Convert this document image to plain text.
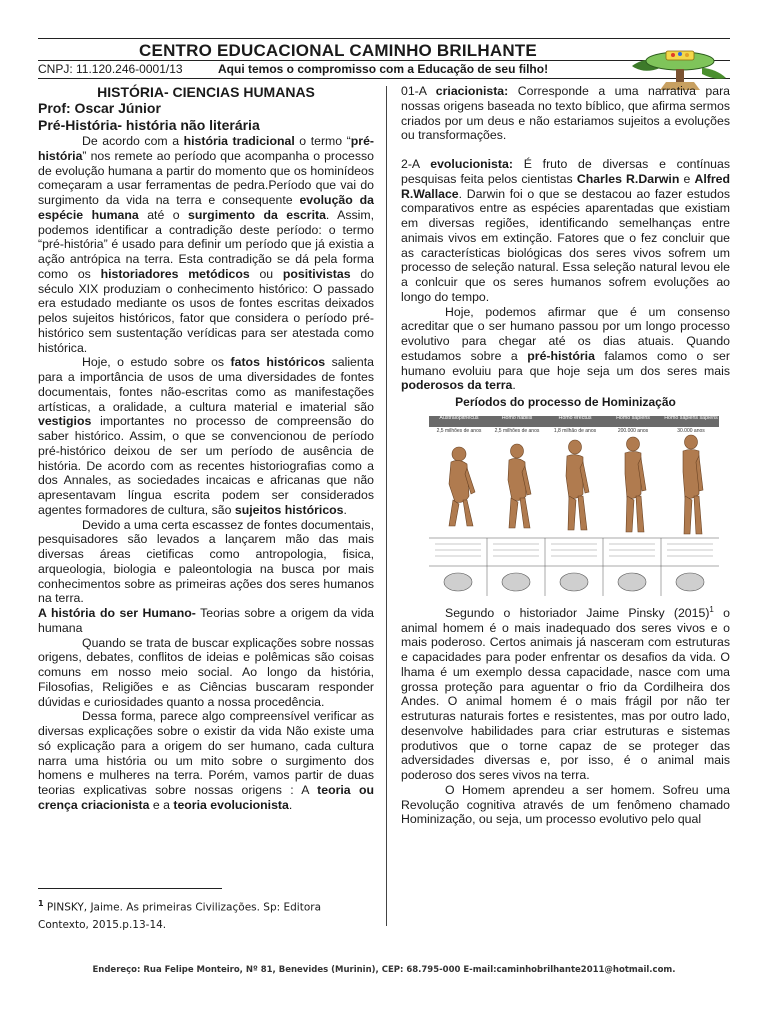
CENTRO EDUCACIONAL CAMINHO BRILHANTE
CNPJ: 11.120.246-0001/13	Aqui temos o compromisso com a Educação de seu filho!

HISTÓRIA- CIENCIAS HUMANAS

Prof: Oscar Júnior

Pré-História- história não literária

De acordo com a história tradicional o termo “pré-história” nos remete ao período que acompanha o processo de evolução humana a partir do momento que os hominídeos começaram a usar ferramentas de pedra.Período que vai do surgimento da vida na terra e consequente evolução da espécie humana até o surgimento da escrita. Assim, podemos identificar a contradição deste período: o termo “pré-história” é usado para definir um período que já existia a ação antrópica na terra. Esta contradição se dá pela forma como os historiadores metódicos ou positivistas do século XIX produziam o conhecimento histórico: O passado era estudado mediante os usos de fontes escritas deixados pelos sujeitos históricos, fator que considera o período pré-histórico sem sustentação verídicas para ser atestada como histórica.

Hoje, o estudo sobre os fatos históricos salienta para a importância de usos de uma diversidades de fontes documentais, fontes não-escritas como as manifestações artísticas, a oralidade, a cultura material e imaterial são vestigios importantes no processo de compreensão do saber histórico. Assim, o que se convencionou de período pré-histórico deixou de ser um período de ausência de história. De acordo com as recentes historiografias como a dos Annales, as sociedades incaicas e africanas que não apresentavam língua escrita podem ser considerados agentes formadores de cultura, são sujeitos históricos.

Devido a uma certa escassez de fontes documentais, pesquisadores são levados a lançarem mão das mais diversas áreas cietificas como antropologia, fisica, arqueologia, biologia e paleontologia na busca por mais conhecimentos sobre as primeiras ações dos seres humanos na terra.

A história do ser Humano- Teorias sobre a origem da vida humana

Quando se trata de buscar explicações sobre nossas origens, debates, conflitos de ideias e polêmicas são coisas comuns em nosso meio social. Ao longo da história, Filosofias, Religiões e as Ciências buscaram responder dúvidas e curiosidades quanto a nossa procedência.

Dessa forma, parece algo compreensível verificar as diversas explicações sobre o existir da vida Não existe uma só explicação para a origem do ser humano, cada cultura narra uma história ou um mito sobre o surgimento dos homens e mulheres na terra. Porém, vamos partir de duas teorias explicativas sobre nossas origens : A teoria ou crença criacionista e a teoria evolucionista.

01-A criacionista: Corresponde a uma narrativa para nossas origens baseada no texto bíblico, que afirma sermos criados por um deus e não estariamos sujeitos a evoluções ou transformações.

2-A evolucionista: É fruto de diversas e contínuas pesquisas feita pelos cientistas Charles R.Darwin e Alfred R.Wallace. Darwin foi o que se destacou ao fazer estudos comparativos entre as espécies aparentadas que existiam em diversas regiões, identificando semelhanças entre animais vivos em extinção. Fatores que o fez concluir que as características biológicas dos seres vivos sofrem um processo de seleção natural. Essa seleção natural levou ele a conlcuir que os seres humanos sofrem evoluções ao longo do tempo.

Hoje, podemos afirmar que é um consenso acreditar que o ser humano passou por um longo processo evolutivo para chegar até os dias atuais. Quando estudamos sobre a pré-história falamos como o ser humano evoluiu para que hoje seja um dos seres mais poderosos da terra.

Períodos do processo de Hominização

Australopithecus	Homo habilis	Homo erectus	Homo sapiens	Homo sapiens sapiens
2,5 milhões de anos	2,5 milhões de anos	1,8 milhão de anos	200.000 anos	30.000 anos

Segundo o historiador Jaime Pinsky $(2015)^1$ o animal homem é o mais inadequado dos seres vivos e o mais poderoso. Certos animais já nasceram com estruturas e capacidades para poder enfrentar os desafios da vida. O lhama é um exemplo dessa capacidade, nasce com uma grossa proteção para aguentar o frio da Cordilheira dos Andes. O animal homem é o mais frágil por não ter estruturas naturais fortes e resistentes, mas por outro lado, desenvolve habilidades para criar estruturas e sistemas produtivos que o torne capaz de se proteger das adversidades diversas e, por isso, é o animal mais poderoso dos seres vivos na terra.

O Homem aprendeu a ser homem. Sofreu uma Revolução cognitiva através de um fenômeno chamado Hominização, ou seja, um processo evolutivo pelo qual

$^1$ PINSKY, Jaime. As primeiras Civilizações. Sp: Editora Contexto, 2015.p.13-14.
Endereço: Rua Felipe Monteiro, Nº 81, Benevides (Murinin), CEP: 68.795-000 E-mail:caminhobrilhante2011@hotmail.com.
